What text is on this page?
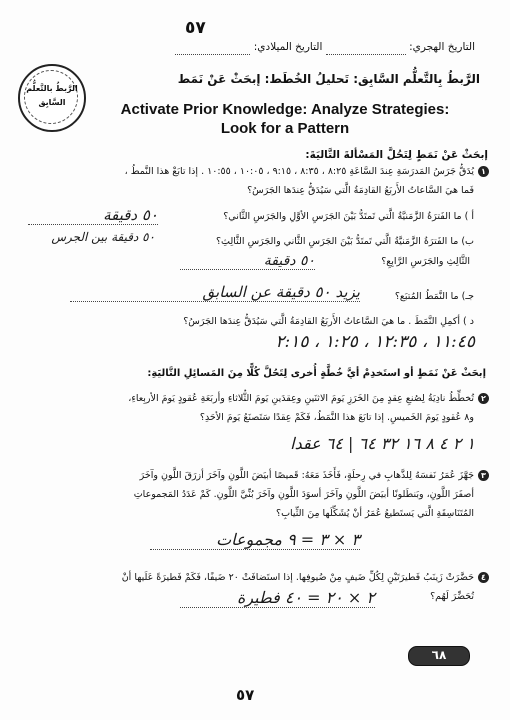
٥٧
التاريخ الهجري:   التاريخ الميلادي:
الرَّبطُ بالتَّعلُّم
السَّابِق
الرَّبطُ بِالتَّعلُّم السَّابِق: تَحليلُ الخُطَط: إبحَثْ عَنْ نَمَط
Activate Prior Knowledge: Analyze Strategies:
Look for a Pattern
إبحَثْ عَنْ نَمَطٍ لِتَحُلَّ المَسْألةَ التَّاليَةَ:
١
يُدَقُّ جَرَسُ المَدرَسَةِ عِندَ السَّاعَةِ ٨:٢٥ ، ٨:٣٥ ، ٩:١٥ ، ١٠:٠٥ ، ١٠:٥٥ . إذا تابَعْ هذا النَّمطُ ،
فَما هيَ السَّاعاتُ الأَربَعُ القادِمَةُ الَّتي سَيُدَقُّ عِندَها الجَرَسُ؟
أ ) ما الفَترَةُ الزَّمَنيَّةُ الَّتي تَمتَدُّ بَيْنَ الجَرَسِ الأوَّلِ والجَرَسِ الثَّاني؟
٥٠ دقيقة
ب) ما الفَترَةُ الزَّمَنيَّةُ الَّتي تَمتَدُّ بَيْنَ الجَرَسِ الثَّاني والجَرَسِ الثَّالِثِ؟
٥٠ دقيقة بين الجرس
الثَّالِثِ والجَرَسِ الرَّابِعِ؟
٥٠ دقيقة
جـ) ما النَّمَطُ المُتبَع؟
يزيد ٥٠ دقيقة عن السابق
د ) أكمِلِ النَّمَطَ . ما هيَ السَّاعاتُ الأَربَعُ القادِمَةُ الَّتي سَيُدَقُّ عِندَها الجَرَسُ؟
١١:٤٥ ، ١٢:٣٥ ، ١:٢٥ ، ٢:١٥
إبحَثْ عَنْ نَمَطٍ أو استَخدِمْ أيَّ خُطَّةٍ أُخرى لِتَحُلَّ كُلًّا مِنَ المَسائِلِ التَّاليَةِ:
٢
تُخطِّطُ نادِيَةُ لِصُنعِ عِقدٍ مِنَ الخَرَزِ يَومَ الاثنَينِ وعِقدَينِ يَومَ الثُّلاثاءِ وأربَعَةِ عُقودٍ يَومَ الأربِعاءِ،
و٨ عُقودٍ يَومَ الخَميسِ. إذا تابَعَ هذا النَّمَطُ، فَكَمْ عِقدًا سَتَصنَعُ يَومَ الأحَدِ؟
١ ٢ ٤ ٨ ١٦ ٣٢ ٦٤ | ٦٤ عقدا
٣
جَهَّزَ عُمَرُ نَفسَهُ لِلذَّهابِ في رِحلَةٍ، فَأَخَذَ مَعَهُ: قَميصًا أبيَضَ اللَّونِ وآخَرَ أزرَقَ اللَّونِ وآخَرَ
أصفَرَ اللَّونِ، وبَنطَلونًا أبيَضَ اللَّونِ وآخَرَ أسوَدَ اللَّونِ وآخَرَ بُنِّيَّ اللَّونِ. كَمْ عَدَدُ المَجموعاتِ
المُتَنَاسِقَةِ الَّتي يَستَطيعُ عُمَرُ أنْ يُشَكِّلَها مِنَ الثِّيابِ؟
٣ × ٣ = ٩ مجموعات
٤
حَضَّرَتْ زَينَبُ فَطيرَتَيْنِ لِكُلِّ ضَيفٍ مِنْ ضُيوفِها. إذا استَضافَتْ ٢٠ ضَيفًا، فَكَمْ فَطيرَةً عَلَيها أنْ
تُحَضِّرَ لَهُم؟
٢ × ٢٠ = ٤٠ فطيرة
٦٨
٥٧
